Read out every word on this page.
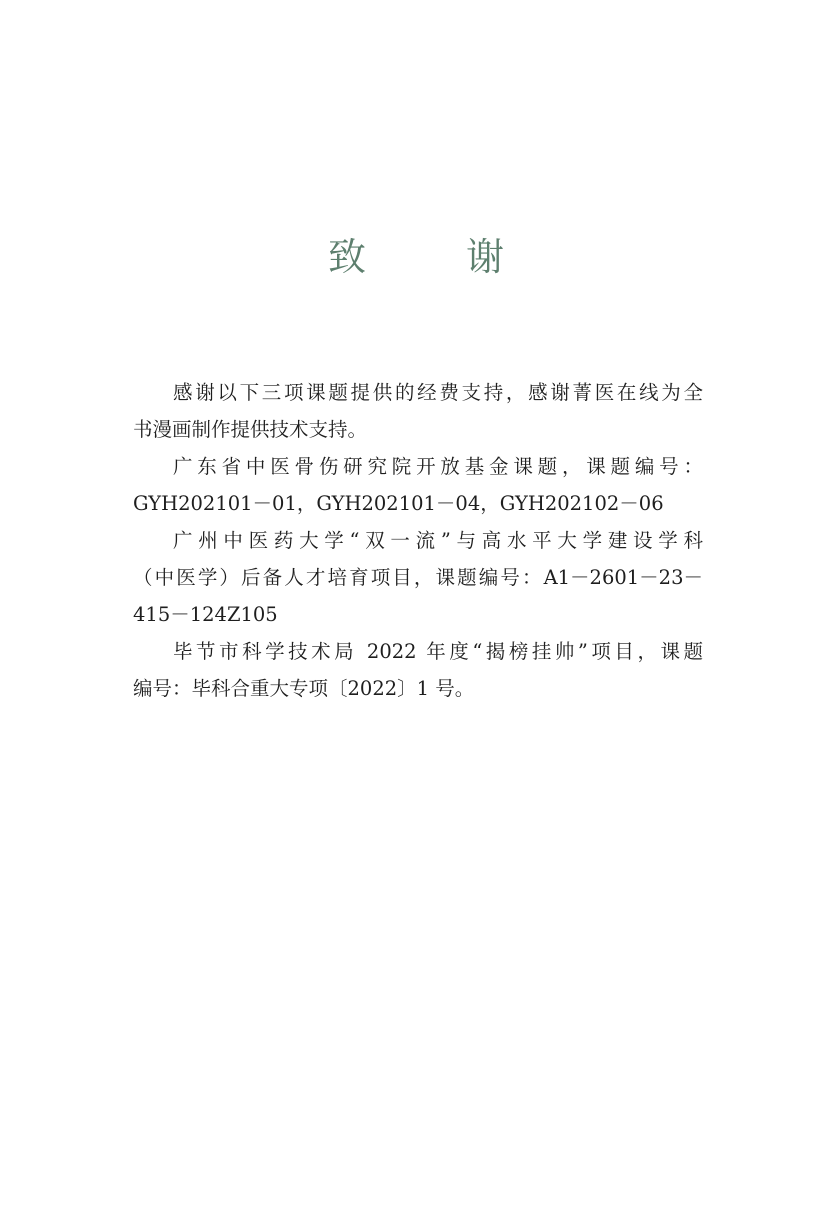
致 谢

感谢以下三项课题提供的经费支持，感谢菁医在线为全
书漫画制作提供技术支持。

广东省中医骨伤研究院开放基金课题，课题编号：
GYH202101－01，GYH202101－04，GYH202102－06

广州中医药大学“双一流”与高水平大学建设学科
（中医学）后备人才培育项目，课题编号：A1－2601－23－
415－124Z105

毕节市科学技术局 2022 年度“揭榜挂帅”项目，课题
编号：毕科合重大专项〔2022〕1 号。
